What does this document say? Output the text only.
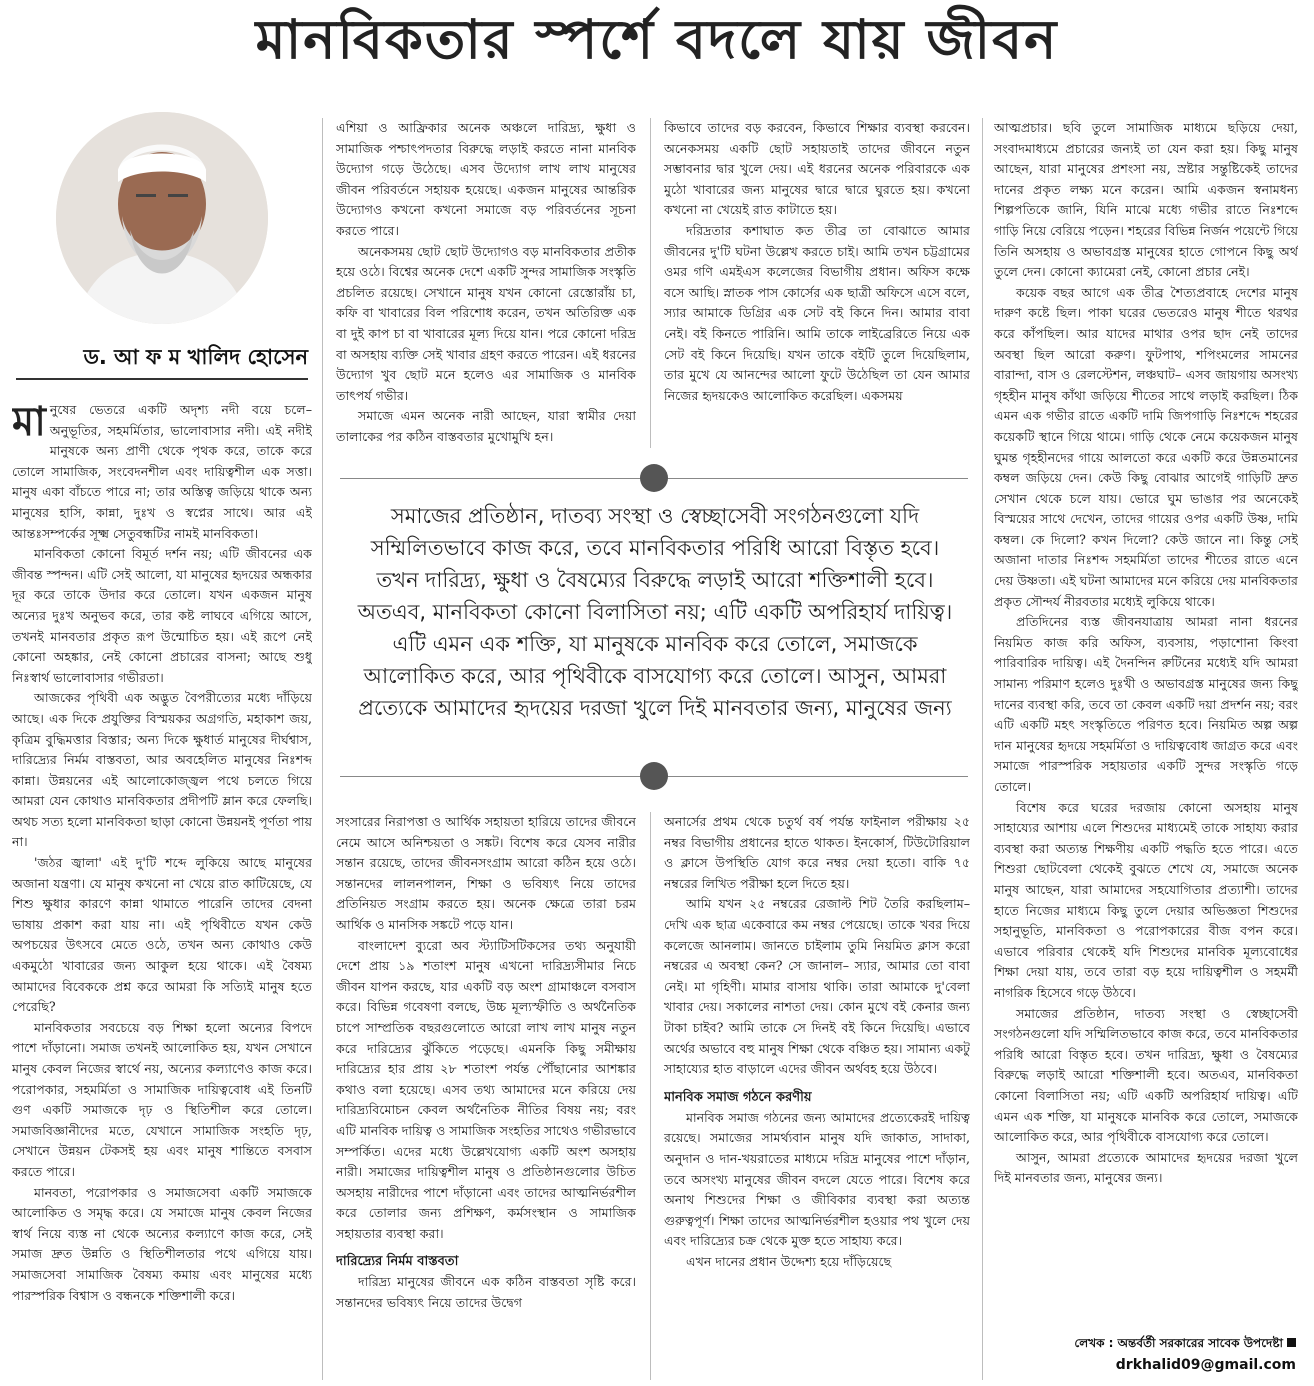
মানবিকতার স্পর্শে বদলে যায় জীবন
ড. আ ফ ম খালিদ হোসেন

মানুষের ভেতরে একটি অদৃশ্য নদী বয়ে চলে– অনুভূতির, সহমর্মিতার, ভালোবাসার নদী। এই নদীই মানুষকে অন্য প্রাণী থেকে পৃথক করে, তাকে করে তোলে সামাজিক, সংবেদনশীল এবং দায়িত্বশীল এক সত্তা। মানুষ একা বাঁচতে পারে না; তার অস্তিত্ব জড়িয়ে থাকে অন্য মানুষের হাসি, কান্না, দুঃখ ও স্বপ্নের সাথে। আর এই আন্তঃসম্পর্কের সূক্ষ্ম সেতুবন্ধটির নামই মানবিকতা।

মানবিকতা কোনো বিমূর্ত দর্শন নয়; এটি জীবনের এক জীবন্ত স্পন্দন। এটি সেই আলো, যা মানুষের হৃদয়ের অন্ধকার দূর করে তাকে উদার করে তোলে। যখন একজন মানুষ অন্যের দুঃখ অনুভব করে, তার কষ্ট লাঘবে এগিয়ে আসে, তখনই মানবতার প্রকৃত রূপ উন্মোচিত হয়। এই রূপে নেই কোনো অহঙ্কার, নেই কোনো প্রচারের বাসনা; আছে শুধু নিঃস্বার্থ ভালোবাসার গভীরতা।

আজকের পৃথিবী এক অদ্ভুত বৈপরীত্যের মধ্যে দাঁড়িয়ে আছে। এক দিকে প্রযুক্তির বিস্ময়কর অগ্রগতি, মহাকাশ জয়, কৃত্রিম বুদ্ধিমত্তার বিস্তার; অন্য দিকে ক্ষুধার্ত মানুষের দীর্ঘশ্বাস, দারিদ্র্যের নির্মম বাস্তবতা, আর অবহেলিত মানুষের নিঃশব্দ কান্না। উন্নয়নের এই আলোকোজ্জ্বল পথে চলতে গিয়ে আমরা যেন কোথাও মানবিকতার প্রদীপটি ম্লান করে ফেলছি। অথচ সত্য হলো মানবিকতা ছাড়া কোনো উন্নয়নই পূর্ণতা পায় না।

'জঠর জ্বালা' এই দু'টি শব্দে লুকিয়ে আছে মানুষের অজানা যন্ত্রণা। যে মানুষ কখনো না খেয়ে রাত কাটিয়েছে, যে শিশু ক্ষুধার কারণে কান্না থামাতে পারেনি তাদের বেদনা ভাষায় প্রকাশ করা যায় না। এই পৃথিবীতে যখন কেউ অপচয়ের উৎসবে মেতে ওঠে, তখন অন্য কোথাও কেউ একমুঠো খাবারের জন্য আকুল হয়ে থাকে। এই বৈষম্য আমাদের বিবেককে প্রশ্ন করে আমরা কি সত্যিই মানুষ হতে পেরেছি?

মানবিকতার সবচেয়ে বড় শিক্ষা হলো অন্যের বিপদে পাশে দাঁড়ানো। সমাজ তখনই আলোকিত হয়, যখন সেখানে মানুষ কেবল নিজের স্বার্থে নয়, অন্যের কল্যাণেও কাজ করে। পরোপকার, সহমর্মিতা ও সামাজিক দায়িত্ববোধ এই তিনটি গুণ একটি সমাজকে দৃঢ় ও স্থিতিশীল করে তোলে। সমাজবিজ্ঞানীদের মতে, যেখানে সামাজিক সংহতি দৃঢ়, সেখানে উন্নয়ন টেকসই হয় এবং মানুষ শান্তিতে বসবাস করতে পারে।

মানবতা, পরোপকার ও সমাজসেবা একটি সমাজকে আলোকিত ও সমৃদ্ধ করে। যে সমাজে মানুষ কেবল নিজের স্বার্থ নিয়ে ব্যস্ত না থেকে অন্যের কল্যাণে কাজ করে, সেই সমাজ দ্রুত উন্নতি ও স্থিতিশীলতার পথে এগিয়ে যায়। সমাজসেবা সামাজিক বৈষম্য কমায় এবং মানুষের মধ্যে পারস্পরিক বিশ্বাস ও বন্ধনকে শক্তিশালী করে।

এশিয়া ও আফ্রিকার অনেক অঞ্চলে দারিদ্র্য, ক্ষুধা ও সামাজিক পশ্চাৎপদতার বিরুদ্ধে লড়াই করতে নানা মানবিক উদ্যোগ গড়ে উঠেছে। এসব উদ্যোগ লাখ লাখ মানুষের জীবন পরিবর্তনে সহায়ক হয়েছে। একজন মানুষের আন্তরিক উদ্যোগও কখনো কখনো সমাজে বড় পরিবর্তনের সূচনা করতে পারে।

অনেকসময় ছোট ছোট উদ্যোগও বড় মানবিকতার প্রতীক হয়ে ওঠে। বিশ্বের অনেক দেশে একটি সুন্দর সামাজিক সংস্কৃতি প্রচলিত রয়েছে। সেখানে মানুষ যখন কোনো রেস্তোরাঁয় চা, কফি বা খাবারের বিল পরিশোধ করেন, তখন অতিরিক্ত এক বা দুই কাপ চা বা খাবারের মূল্য দিয়ে যান। পরে কোনো দরিদ্র বা অসহায় ব্যক্তি সেই খাবার গ্রহণ করতে পারেন। এই ধরনের উদ্যোগ খুব ছোট মনে হলেও এর সামাজিক ও মানবিক তাৎপর্য গভীর।

সমাজে এমন অনেক নারী আছেন, যারা স্বামীর দেয়া তালাকের পর কঠিন বাস্তবতার মুখোমুখি হন।

কিভাবে তাদের বড় করবেন, কিভাবে শিক্ষার ব্যবস্থা করবেন। অনেকসময় একটি ছোট সহায়তাই তাদের জীবনে নতুন সম্ভাবনার দ্বার খুলে দেয়। এই ধরনের অনেক পরিবারকে এক মুঠো খাবারের জন্য মানুষের দ্বারে দ্বারে ঘুরতে হয়। কখনো কখনো না খেয়েই রাত কাটাতে হয়।

দরিদ্রতার কশাঘাত কত তীব্র তা বোঝাতে আমার জীবনের দু'টি ঘটনা উল্লেখ করতে চাই। আমি তখন চট্টগ্রামের ওমর গণি এমইএস কলেজের বিভাগীয় প্রধান। অফিস কক্ষে বসে আছি। স্নাতক পাস কোর্সের এক ছাত্রী অফিসে এসে বলে, স্যার আমাকে ডিগ্রির এক সেট বই কিনে দিন। আমার বাবা নেই। বই কিনতে পারিনি। আমি তাকে লাইব্রেরিতে নিয়ে এক সেট বই কিনে দিয়েছি। যখন তাকে বইটি তুলে দিয়েছিলাম, তার মুখে যে আনন্দের আলো ফুটে উঠেছিল তা যেন আমার নিজের হৃদয়কেও আলোকিত করেছিল। একসময়

সমাজের প্রতিষ্ঠান, দাতব্য সংস্থা ও স্বেচ্ছাসেবী সংগঠনগুলো যদি সম্মিলিতভাবে কাজ করে, তবে মানবিকতার পরিধি আরো বিস্তৃত হবে। তখন দারিদ্র্য, ক্ষুধা ও বৈষম্যের বিরুদ্ধে লড়াই আরো শক্তিশালী হবে। অতএব, মানবিকতা কোনো বিলাসিতা নয়; এটি একটি অপরিহার্য দায়িত্ব। এটি এমন এক শক্তি, যা মানুষকে মানবিক করে তোলে, সমাজকে আলোকিত করে, আর পৃথিবীকে বাসযোগ্য করে তোলে। আসুন, আমরা প্রত্যেকে আমাদের হৃদয়ের দরজা খুলে দিই মানবতার জন্য, মানুষের জন্য

সংসারের নিরাপত্তা ও আর্থিক সহায়তা হারিয়ে তাদের জীবনে নেমে আসে অনিশ্চয়তা ও সঙ্কট। বিশেষ করে যেসব নারীর সন্তান রয়েছে, তাদের জীবনসংগ্রাম আরো কঠিন হয়ে ওঠে। সন্তানদের লালনপালন, শিক্ষা ও ভবিষ্যৎ নিয়ে তাদের প্রতিনিয়ত সংগ্রাম করতে হয়। অনেক ক্ষেত্রে তারা চরম আর্থিক ও মানসিক সঙ্কটে পড়ে যান।

বাংলাদেশ ব্যুরো অব স্ট্যাটিসটিকসের তথ্য অনুযায়ী দেশে প্রায় ১৯ শতাংশ মানুষ এখনো দারিদ্র্যসীমার নিচে জীবন যাপন করছে, যার একটি বড় অংশ গ্রামাঞ্চলে বসবাস করে। বিভিন্ন গবেষণা বলছে, উচ্চ মূল্যস্ফীতি ও অর্থনৈতিক চাপে সাম্প্রতিক বছরগুলোতে আরো লাখ লাখ মানুষ নতুন করে দারিদ্র্যের ঝুঁকিতে পড়েছে। এমনকি কিছু সমীক্ষায় দারিদ্র্যের হার প্রায় ২৮ শতাংশ পর্যন্ত পৌঁছানোর আশঙ্কার কথাও বলা হয়েছে। এসব তথ্য আমাদের মনে করিয়ে দেয় দারিদ্র্যবিমোচন কেবল অর্থনৈতিক নীতির বিষয় নয়; বরং এটি মানবিক দায়িত্ব ও সামাজিক সংহতির সাথেও গভীরভাবে সম্পর্কিত। এদের মধ্যে উল্লেখযোগ্য একটি অংশ অসহায় নারী। সমাজের দায়িত্বশীল মানুষ ও প্রতিষ্ঠানগুলোর উচিত অসহায় নারীদের পাশে দাঁড়ানো এবং তাদের আত্মনির্ভরশীল করে তোলার জন্য প্রশিক্ষণ, কর্মসংস্থান ও সামাজিক সহায়তার ব্যবস্থা করা।

দারিদ্র্যের নির্মম বাস্তবতা

দারিদ্র্য মানুষের জীবনে এক কঠিন বাস্তবতা সৃষ্টি করে। সন্তানদের ভবিষ্যৎ নিয়ে তাদের উদ্বেগ

অনার্সের প্রথম থেকে চতুর্থ বর্ষ পর্যন্ত ফাইনাল পরীক্ষায় ২৫ নম্বর বিভাগীয় প্রধানের হাতে থাকত। ইনকোর্স, টিউটোরিয়াল ও ক্লাসে উপস্থিতি যোগ করে নম্বর দেয়া হতো। বাকি ৭৫ নম্বরের লিখিত পরীক্ষা হলে দিতে হয়।

আমি যখন ২৫ নম্বরের রেজাল্ট শিট তৈরি করছিলাম– দেখি এক ছাত্র একেবারে কম নম্বর পেয়েছে। তাকে খবর দিয়ে কলেজে আনলাম। জানতে চাইলাম তুমি নিয়মিত ক্লাস করো নম্বরের এ অবস্থা কেন? সে জানাল– স্যার, আমার তো বাবা নেই। মা গৃহিণী। মামার বাসায় থাকি। তারা আমাকে দু'বেলা খাবার দেয়। সকালের নাশতা দেয়। কোন মুখে বই কেনার জন্য টাকা চাইব? আমি তাকে সে দিনই বই কিনে দিয়েছি। এভাবে অর্থের অভাবে বহু মানুষ শিক্ষা থেকে বঞ্চিত হয়। সামান্য একটু সাহায্যের হাত বাড়ালে এদের জীবন অর্থবহ হয়ে উঠবে।

মানবিক সমাজ গঠনে করণীয়

মানবিক সমাজ গঠনের জন্য আমাদের প্রত্যেকেরই দায়িত্ব রয়েছে। সমাজের সামর্থ্যবান মানুষ যদি জাকাত, সাদাকা, অনুদান ও দান-খয়রাতের মাধ্যমে দরিদ্র মানুষের পাশে দাঁড়ান, তবে অসংখ্য মানুষের জীবন বদলে যেতে পারে। বিশেষ করে অনাথ শিশুদের শিক্ষা ও জীবিকার ব্যবস্থা করা অত্যন্ত গুরুত্বপূর্ণ। শিক্ষা তাদের আত্মনির্ভরশীল হওয়ার পথ খুলে দেয় এবং দারিদ্র্যের চক্র থেকে মুক্ত হতে সাহায্য করে।

এখন দানের প্রধান উদ্দেশ্য হয়ে দাঁড়িয়েছে

আত্মপ্রচার। ছবি তুলে সামাজিক মাধ্যমে ছড়িয়ে দেয়া, সংবাদমাধ্যমে প্রচারের জন্যই তা যেন করা হয়। কিছু মানুষ আছেন, যারা মানুষের প্রশংসা নয়, স্রষ্টার সন্তুষ্টিকেই তাদের দানের প্রকৃত লক্ষ্য মনে করেন। আমি একজন স্বনামধন্য শিল্পপতিকে জানি, যিনি মাঝে মধ্যে গভীর রাতে নিঃশব্দে গাড়ি নিয়ে বেরিয়ে পড়েন। শহরের বিভিন্ন নির্জন পয়েন্টে গিয়ে তিনি অসহায় ও অভাবগ্রস্ত মানুষের হাতে গোপনে কিছু অর্থ তুলে দেন। কোনো ক্যামেরা নেই, কোনো প্রচার নেই।

কয়েক বছর আগে এক তীব্র শৈত্যপ্রবাহে দেশের মানুষ দারুণ কষ্টে ছিল। পাকা ঘরের ভেতরেও মানুষ শীতে থরথর করে কাঁপছিল। আর যাদের মাথার ওপর ছাদ নেই তাদের অবস্থা ছিল আরো করুণ। ফুটপাথ, শপিংমলের সামনের বারান্দা, বাস ও রেলস্টেশন, লঞ্চঘাট– এসব জায়গায় অসংখ্য গৃহহীন মানুষ কাঁথা জড়িয়ে শীতের সাথে লড়াই করছিল। ঠিক এমন এক গভীর রাতে একটি দামি জিপগাড়ি নিঃশব্দে শহরের কয়েকটি স্থানে গিয়ে থামে। গাড়ি থেকে নেমে কয়েকজন মানুষ ঘুমন্ত গৃহহীনদের গায়ে আলতো করে একটি করে উন্নতমানের কম্বল জড়িয়ে দেন। কেউ কিছু বোঝার আগেই গাড়িটি দ্রুত সেখান থেকে চলে যায়। ভোরে ঘুম ভাঙার পর অনেকেই বিস্ময়ের সাথে দেখেন, তাদের গায়ের ওপর একটি উষ্ণ, দামি কম্বল। কে দিলো? কখন দিলো? কেউ জানে না। কিন্তু সেই অজানা দাতার নিঃশব্দ সহমর্মিতা তাদের শীতের রাতে এনে দেয় উষ্ণতা। এই ঘটনা আমাদের মনে করিয়ে দেয় মানবিকতার প্রকৃত সৌন্দর্য নীরবতার মধ্যেই লুকিয়ে থাকে।

প্রতিদিনের ব্যস্ত জীবনযাত্রায় আমরা নানা ধরনের নিয়মিত কাজ করি অফিস, ব্যবসায়, পড়াশোনা কিংবা পারিবারিক দায়িত্ব। এই দৈনন্দিন রুটিনের মধ্যেই যদি আমরা সামান্য পরিমাণ হলেও দুঃখী ও অভাবগ্রস্ত মানুষের জন্য কিছু দানের ব্যবস্থা করি, তবে তা কেবল একটি দয়া প্রদর্শন নয়; বরং এটি একটি মহৎ সংস্কৃতিতে পরিণত হবে। নিয়মিত অল্প অল্প দান মানুষের হৃদয়ে সহমর্মিতা ও দায়িত্ববোধ জাগ্রত করে এবং সমাজে পারস্পরিক সহায়তার একটি সুন্দর সংস্কৃতি গড়ে তোলে।

বিশেষ করে ঘরের দরজায় কোনো অসহায় মানুষ সাহায্যের আশায় এলে শিশুদের মাধ্যমেই তাকে সাহায্য করার ব্যবস্থা করা অত্যন্ত শিক্ষণীয় একটি পদ্ধতি হতে পারে। এতে শিশুরা ছোটবেলা থেকেই বুঝতে শেখে যে, সমাজে অনেক মানুষ আছেন, যারা আমাদের সহযোগিতার প্রত্যাশী। তাদের হাতে নিজের মাধ্যমে কিছু তুলে দেয়ার অভিজ্ঞতা শিশুদের সহানুভূতি, মানবিকতা ও পরোপকারের বীজ বপন করে। এভাবে পরিবার থেকেই যদি শিশুদের মানবিক মূল্যবোধের শিক্ষা দেয়া যায়, তবে তারা বড় হয়ে দায়িত্বশীল ও সহমর্মী নাগরিক হিসেবে গড়ে উঠবে।

সমাজের প্রতিষ্ঠান, দাতব্য সংস্থা ও স্বেচ্ছাসেবী সংগঠনগুলো যদি সম্মিলিতভাবে কাজ করে, তবে মানবিকতার পরিধি আরো বিস্তৃত হবে। তখন দারিদ্র্য, ক্ষুধা ও বৈষম্যের বিরুদ্ধে লড়াই আরো শক্তিশালী হবে। অতএব, মানবিকতা কোনো বিলাসিতা নয়; এটি একটি অপরিহার্য দায়িত্ব। এটি এমন এক শক্তি, যা মানুষকে মানবিক করে তোলে, সমাজকে আলোকিত করে, আর পৃথিবীকে বাসযোগ্য করে তোলে।

আসুন, আমরা প্রত্যেকে আমাদের হৃদয়ের দরজা খুলে দিই মানবতার জন্য, মানুষের জন্য।

লেখক : অন্তর্বর্তী সরকারের সাবেক উপদেষ্টা
drkhalid09@gmail.com
